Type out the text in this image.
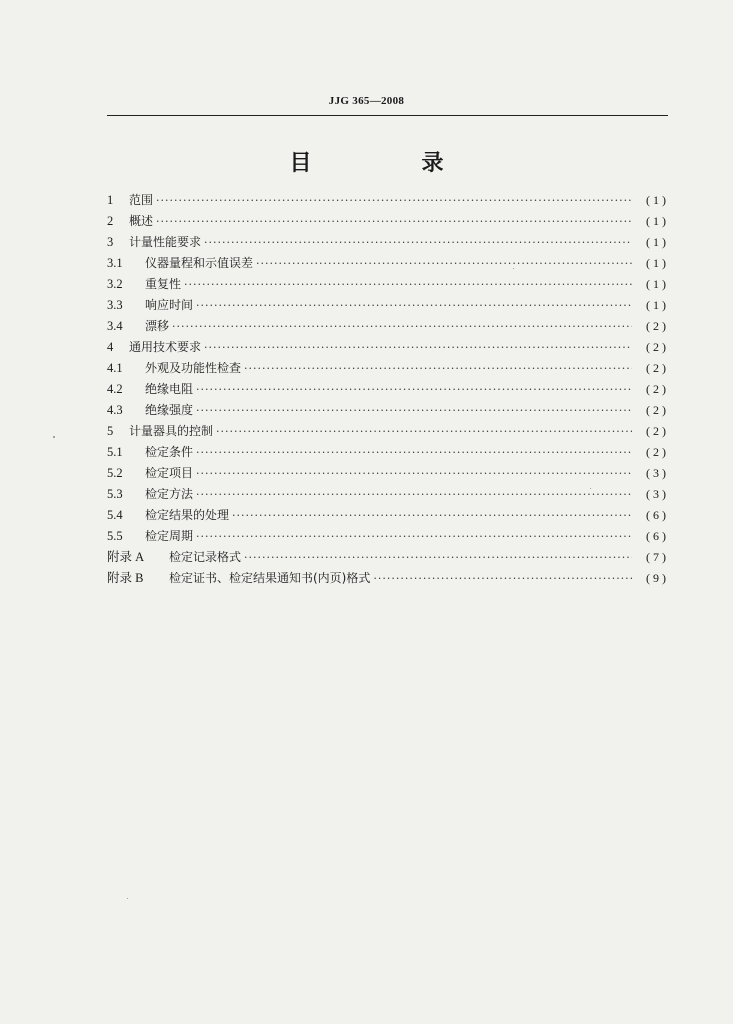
JJG 365—2008
目　录
1	范围 ·····	(1)
2	概述 ·····	(1)
3	计量性能要求 ·····	(1)
3.1	仪器量程和示值误差 ·····	(1)
3.2	重复性 ·····	(1)
3.3	响应时间 ·····	(1)
3.4	漂移 ·····	(2)
4	通用技术要求 ·····	(2)
4.1	外观及功能性检查 ·····	(2)
4.2	绝缘电阻 ·····	(2)
4.3	绝缘强度 ·····	(2)
5	计量器具的控制 ·····	(2)
5.1	检定条件 ·····	(2)
5.2	检定项目 ·····	(3)
5.3	检定方法 ·····	(3)
5.4	检定结果的处理 ·····	(6)
5.5	检定周期 ·····	(6)
附录 A	检定记录格式 ·····	(7)
附录 B	检定证书、检定结果通知书(内页)格式 ·····	(9)
